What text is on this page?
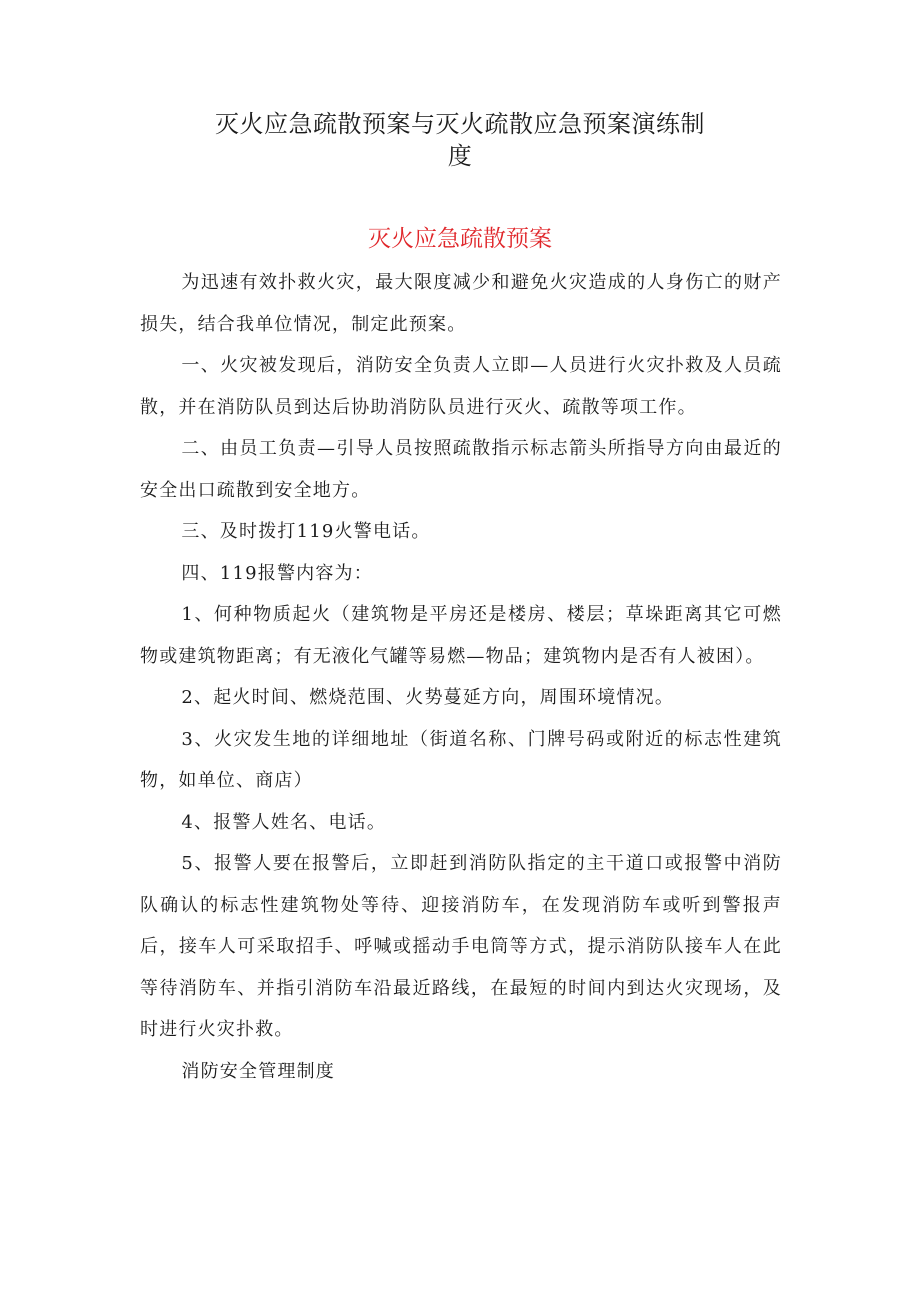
灭火应急疏散预案与灭火疏散应急预案演练制
度
灭火应急疏散预案

为迅速有效扑救火灾，最大限度减少和避免火灾造成的人身伤亡的财产损失，结合我单位情况，制定此预案。

一、火灾被发现后，消防安全负责人立即—人员进行火灾扑救及人员疏散，并在消防队员到达后协助消防队员进行灭火、疏散等项工作。

二、由员工负责—引导人员按照疏散指示标志箭头所指导方向由最近的安全出口疏散到安全地方。

三、及时拨打119火警电话。

四、119报警内容为：

1、何种物质起火（建筑物是平房还是楼房、楼层；草垛距离其它可燃物或建筑物距离；有无液化气罐等易燃—物品；建筑物内是否有人被困）。

2、起火时间、燃烧范围、火势蔓延方向，周围环境情况。

3、火灾发生地的详细地址（街道名称、门牌号码或附近的标志性建筑物，如单位、商店）

4、报警人姓名、电话。

5、报警人要在报警后，立即赶到消防队指定的主干道口或报警中消防队确认的标志性建筑物处等待、迎接消防车，在发现消防车或听到警报声后，接车人可采取招手、呼喊或摇动手电筒等方式，提示消防队接车人在此等待消防车、并指引消防车沿最近路线，在最短的时间内到达火灾现场，及时进行火灾扑救。

消防安全管理制度
